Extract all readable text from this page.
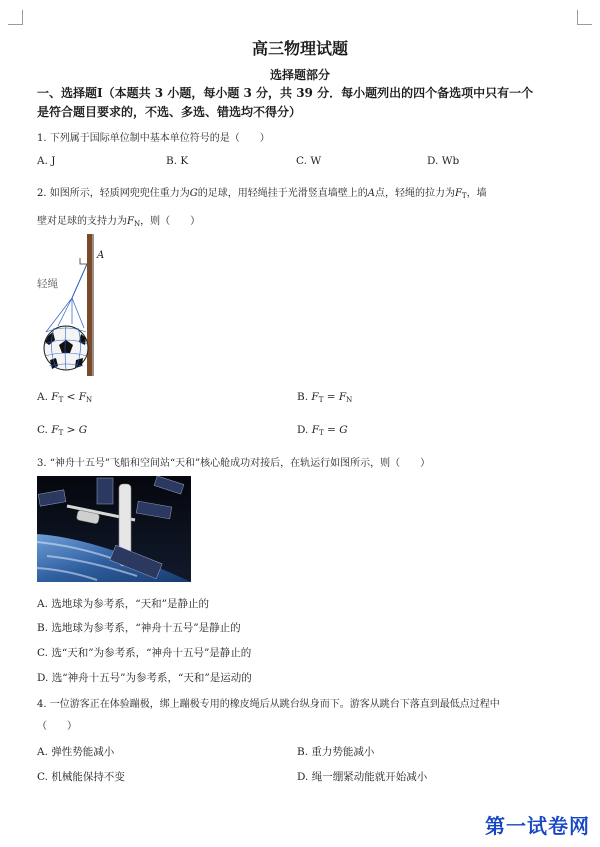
高三物理试题
选择题部分
一、选择题Ⅰ（本题共 3 小题，每小题 3 分，共 39 分．每小题列出的四个备选项中只有一个
是符合题目要求的，不选、多选、错选均不得分）
1. 下列属于国际单位制中基本单位符号的是（　　）
A. J	B. K	C. W	D. Wb
2. 如图所示，轻质网兜兜住重力为G的足球，用轻绳挂于光滑竖直墙壁上的A点，轻绳的拉力为$F_T$，墙
壁对足球的支持力为$F_N$，则（　　）
A
轻绳
A. $F_T < F_N$	B. $F_T = F_N$
C. $F_T > G$	D. $F_T = G$
3. “神舟十五号”飞船和空间站“天和”核心舱成功对接后，在轨运行如图所示，则（　　）
A. 选地球为参考系，“天和”是静止的
B. 选地球为参考系，“神舟十五号”是静止的
C. 选“天和”为参考系，“神舟十五号”是静止的
D. 选“神舟十五号”为参考系，“天和”是运动的
4. 一位游客正在体验蹦极，绑上蹦极专用的橡皮绳后从跳台纵身而下。游客从跳台下落直到最低点过程中
（　　）
A. 弹性势能减小	B. 重力势能减小
C. 机械能保持不变	D. 绳一绷紧动能就开始减小
第一试卷网
